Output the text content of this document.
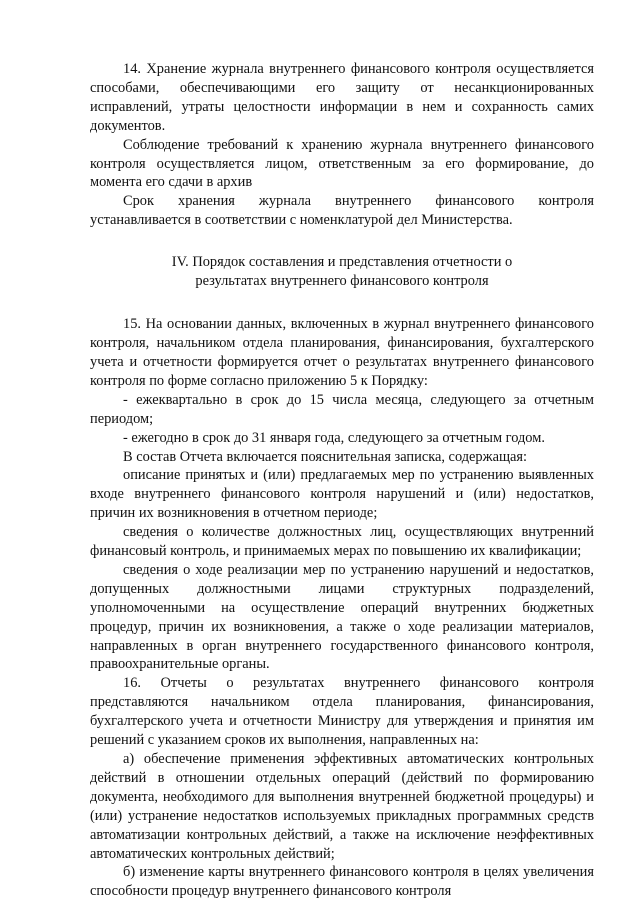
14. Хранение журнала внутреннего финансового контроля осуществляется способами, обеспечивающими его защиту от несанкционированных исправлений, утраты целостности информации в нем и сохранность самих документов.

Соблюдение требований к хранению журнала внутреннего финансового контроля осуществляется лицом, ответственным за его формирование, до момента его сдачи в архив

Срок хранения журнала внутреннего финансового контроля устанавливается в соответствии с номенклатурой дел Министерства.

IV. Порядок составления и представления отчетности о
результатах внутреннего финансового контроля

15. На основании данных, включенных в журнал внутреннего финансового контроля, начальником отдела планирования, финансирования, бухгалтерского учета и отчетности формируется отчет о результатах внутреннего финансового контроля по форме согласно приложению 5 к Порядку:

- ежеквартально в срок до 15 числа месяца, следующего за отчетным периодом;

- ежегодно в срок до 31 января года, следующего за отчетным годом.

В состав Отчета включается пояснительная записка, содержащая:

описание принятых и (или) предлагаемых мер по устранению выявленных входе внутреннего финансового контроля нарушений и (или) недостатков, причин их возникновения в отчетном периоде;

сведения о количестве должностных лиц, осуществляющих внутренний финансовый контроль, и принимаемых мерах по повышению их квалификации;

сведения о ходе реализации мер по устранению нарушений и недостатков, допущенных должностными лицами структурных подразделений, уполномоченными на осуществление операций внутренних бюджетных процедур, причин их возникновения, а также о ходе реализации материалов, направленных в орган внутреннего государственного финансового контроля, правоохранительные органы.

16. Отчеты о результатах внутреннего финансового контроля представляются начальником отдела планирования, финансирования, бухгалтерского учета и отчетности Министру для утверждения и принятия им решений с указанием сроков их выполнения, направленных на:

а) обеспечение применения эффективных автоматических контрольных действий в отношении отдельных операций (действий по формированию документа, необходимого для выполнения внутренней бюджетной процедуры) и (или) устранение недостатков используемых прикладных программных средств автоматизации контрольных действий, а также на исключение неэффективных автоматических контрольных действий;

б) изменение карты внутреннего финансового контроля в целях увеличения способности процедур внутреннего финансового контроля
